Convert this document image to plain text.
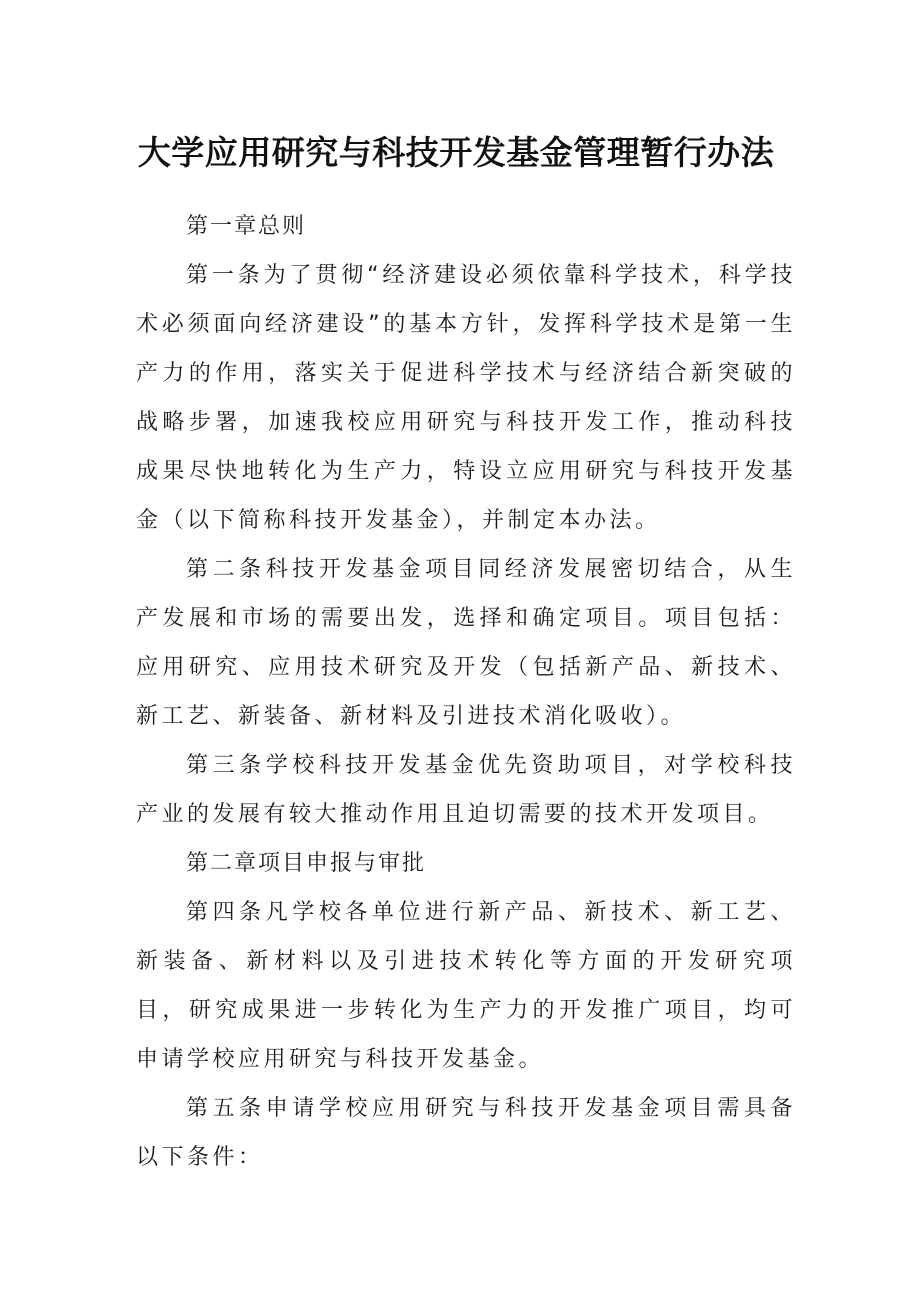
大学应用研究与科技开发基金管理暂行办法

第一章总则

第一条为了贯彻“经济建设必须依靠科学技术，科学技术必须面向经济建设”的基本方针，发挥科学技术是第一生产力的作用，落实关于促进科学技术与经济结合新突破的战略步署，加速我校应用研究与科技开发工作，推动科技成果尽快地转化为生产力，特设立应用研究与科技开发基金（以下简称科技开发基金），并制定本办法。

第二条科技开发基金项目同经济发展密切结合，从生产发展和市场的需要出发，选择和确定项目。项目包括：应用研究、应用技术研究及开发（包括新产品、新技术、新工艺、新装备、新材料及引进技术消化吸收）。

第三条学校科技开发基金优先资助项目，对学校科技产业的发展有较大推动作用且迫切需要的技术开发项目。

第二章项目申报与审批

第四条凡学校各单位进行新产品、新技术、新工艺、新装备、新材料以及引进技术转化等方面的开发研究项目，研究成果进一步转化为生产力的开发推广项目，均可申请学校应用研究与科技开发基金。

第五条申请学校应用研究与科技开发基金项目需具备以下条件：
